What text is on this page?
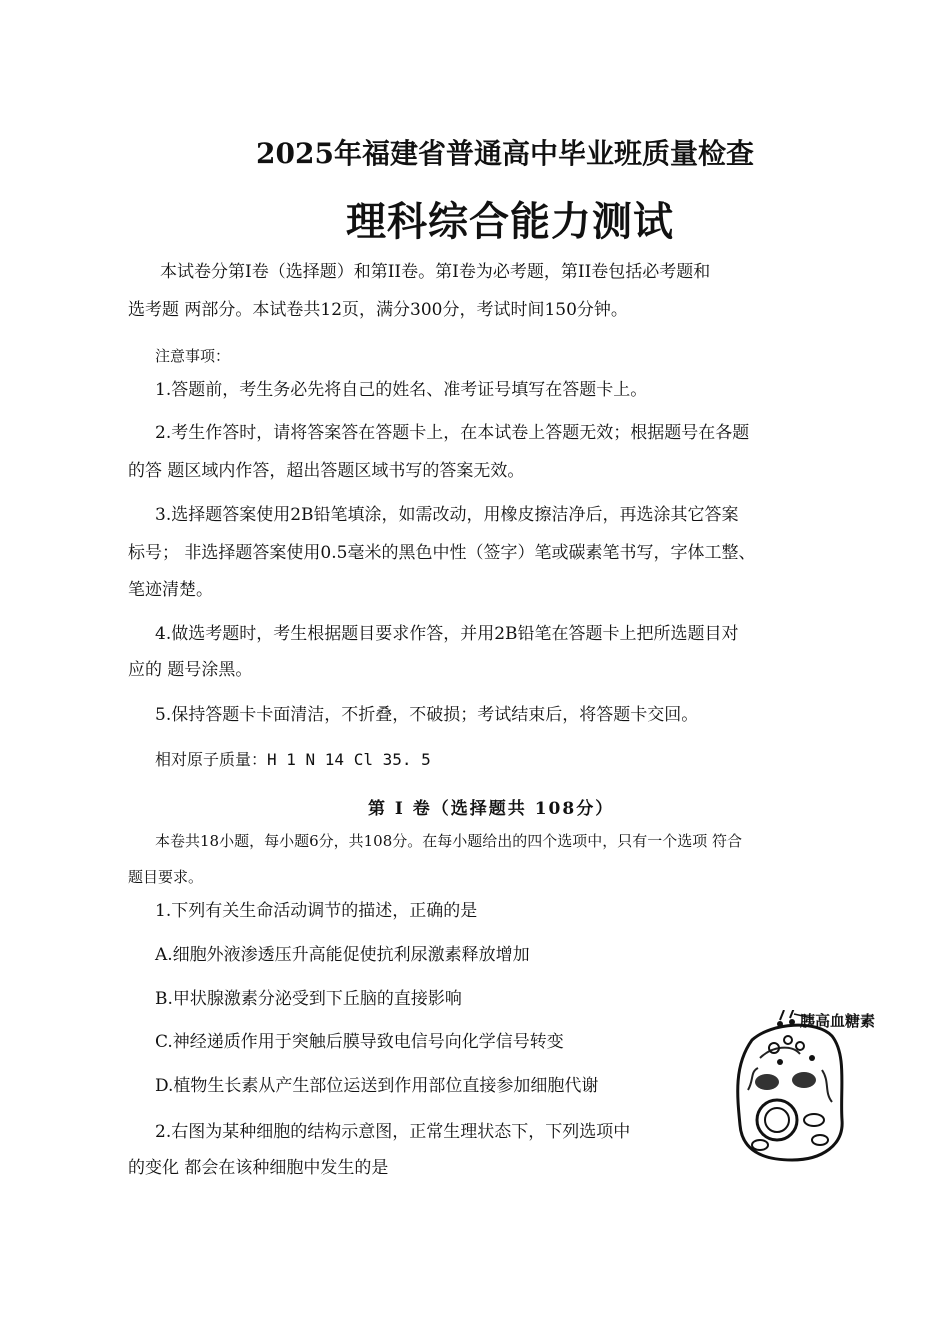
2025年福建省普通高中毕业班质量检查
理科综合能力测试
本试卷分第Ⅰ卷（选择题）和第II卷。第Ⅰ卷为必考题，第II卷包括必考题和
选考题 两部分。本试卷共12页，满分300分，考试时间150分钟。
注意事项：
1.答题前，考生务必先将自己的姓名、准考证号填写在答题卡上。
2.考生作答时，请将答案答在答题卡上，在本试卷上答题无效；根据题号在各题
的答 题区域内作答，超出答题区域书写的答案无效。
3.选择题答案使用2B铅笔填涂，如需改动，用橡皮擦洁净后，再选涂其它答案
标号； 非选择题答案使用0.5毫米的黑色中性（签字）笔或碳素笔书写，字体工整、
笔迹清楚。
4.做选考题时，考生根据题目要求作答，并用2B铅笔在答题卡上把所选题目对
应的 题号涂黑。
5.保持答题卡卡面清洁，不折叠，不破损；考试结束后，将答题卡交回。
相对原子质量：H 1 N 14 Cl 35. 5
第 I 卷（选择题共 108分）
本卷共18小题，每小题6分，共108分。在每小题给出的四个选项中，只有一个选项 符合
题目要求。
1.下列有关生命活动调节的描述，正确的是
A.细胞外液渗透压升高能促使抗利尿激素释放增加
B.甲状腺激素分泌受到下丘脑的直接影响
C.神经递质作用于突触后膜导致电信号向化学信号转变
D.植物生长素从产生部位运送到作用部位直接参加细胞代谢
2.右图为某种细胞的结构示意图，正常生理状态下，下列选项中
的变化 都会在该种细胞中发生的是
胰高血糖素
